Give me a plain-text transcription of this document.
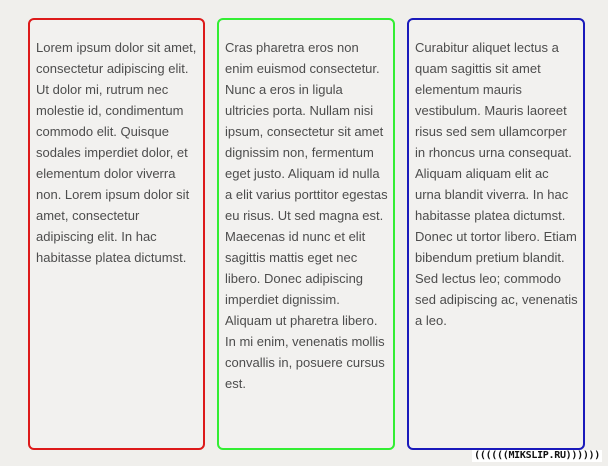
Lorem ipsum dolor sit amet, consectetur adipiscing elit. Ut dolor mi, rutrum nec molestie id, condimentum commodo elit. Quisque sodales imperdiet dolor, et elementum dolor viverra non. Lorem ipsum dolor sit amet, consectetur adipiscing elit. In hac habitasse platea dictumst.

Cras pharetra eros non enim euismod consectetur. Nunc a eros in ligula ultricies porta. Nullam nisi ipsum, consectetur sit amet dignissim non, fermentum eget justo. Aliquam id nulla a elit varius porttitor egestas eu risus. Ut sed magna est. Maecenas id nunc et elit sagittis mattis eget nec libero. Donec adipiscing imperdiet dignissim. Aliquam ut pharetra libero. In mi enim, venenatis mollis convallis in, posuere cursus est.

Curabitur aliquet lectus a quam sagittis sit amet elementum mauris vestibulum. Mauris laoreet risus sed sem ullamcorper in rhoncus urna consequat. Aliquam aliquam elit ac urna blandit viverra. In hac habitasse platea dictumst. Donec ut tortor libero. Etiam bibendum pretium blandit. Sed lectus leo; commodo sed adipiscing ac, venenatis a leo.

((((((MIKSLIP.RU))))))
